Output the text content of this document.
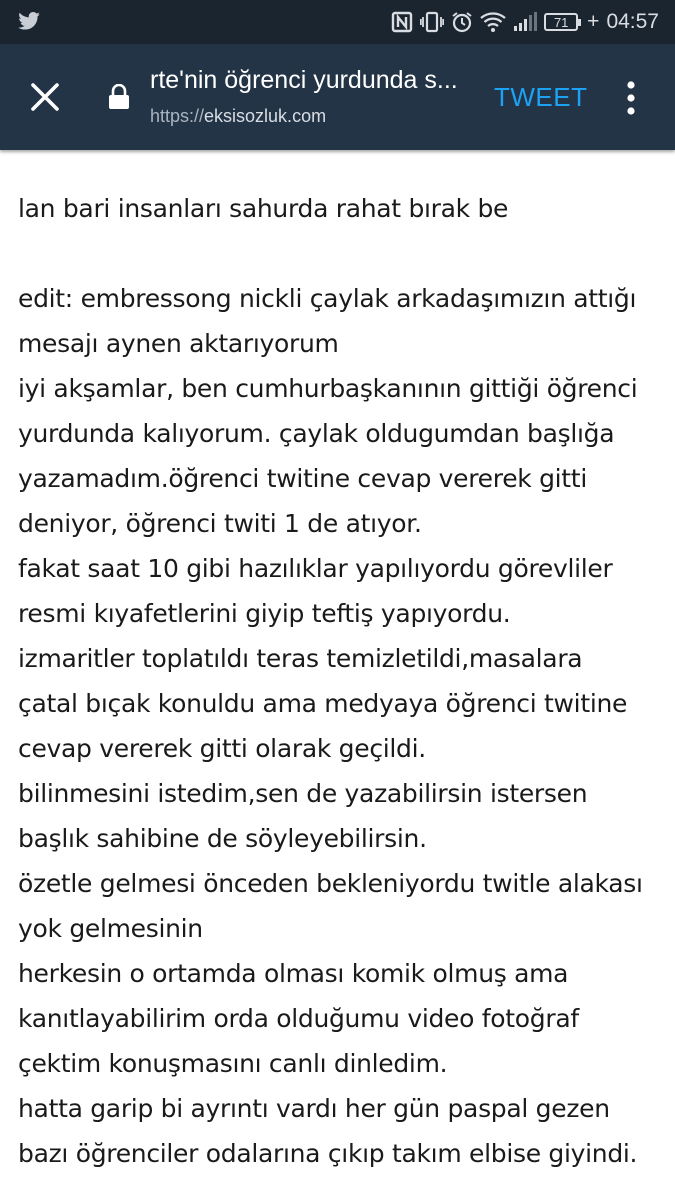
71 + 04:57
rte'nin öğrenci yurdunda s...
https://eksisozluk.com
TWEET

lan bari insanları sahurda rahat bırak be

edit: embressong nickli çaylak arkadaşımızın attığı

mesajı aynen aktarıyorum

iyi akşamlar, ben cumhurbaşkanının gittiği öğrenci

yurdunda kalıyorum. çaylak oldugumdan başlığa

yazamadım.öğrenci twitine cevap vererek gitti

deniyor, öğrenci twiti 1 de atıyor.

fakat saat 10 gibi hazılıklar yapılıyordu görevliler

resmi kıyafetlerini giyip teftiş yapıyordu.

izmaritler toplatıldı teras temizletildi,masalara

çatal bıçak konuldu ama medyaya öğrenci twitine

cevap vererek gitti olarak geçildi.

bilinmesini istedim,sen de yazabilirsin istersen

başlık sahibine de söyleyebilirsin.

özetle gelmesi önceden bekleniyordu twitle alakası

yok gelmesinin

herkesin o ortamda olması komik olmuş ama

kanıtlayabilirim orda olduğumu video fotoğraf

çektim konuşmasını canlı dinledim.

hatta garip bi ayrıntı vardı her gün paspal gezen

bazı öğrenciler odalarına çıkıp takım elbise giyindi.
